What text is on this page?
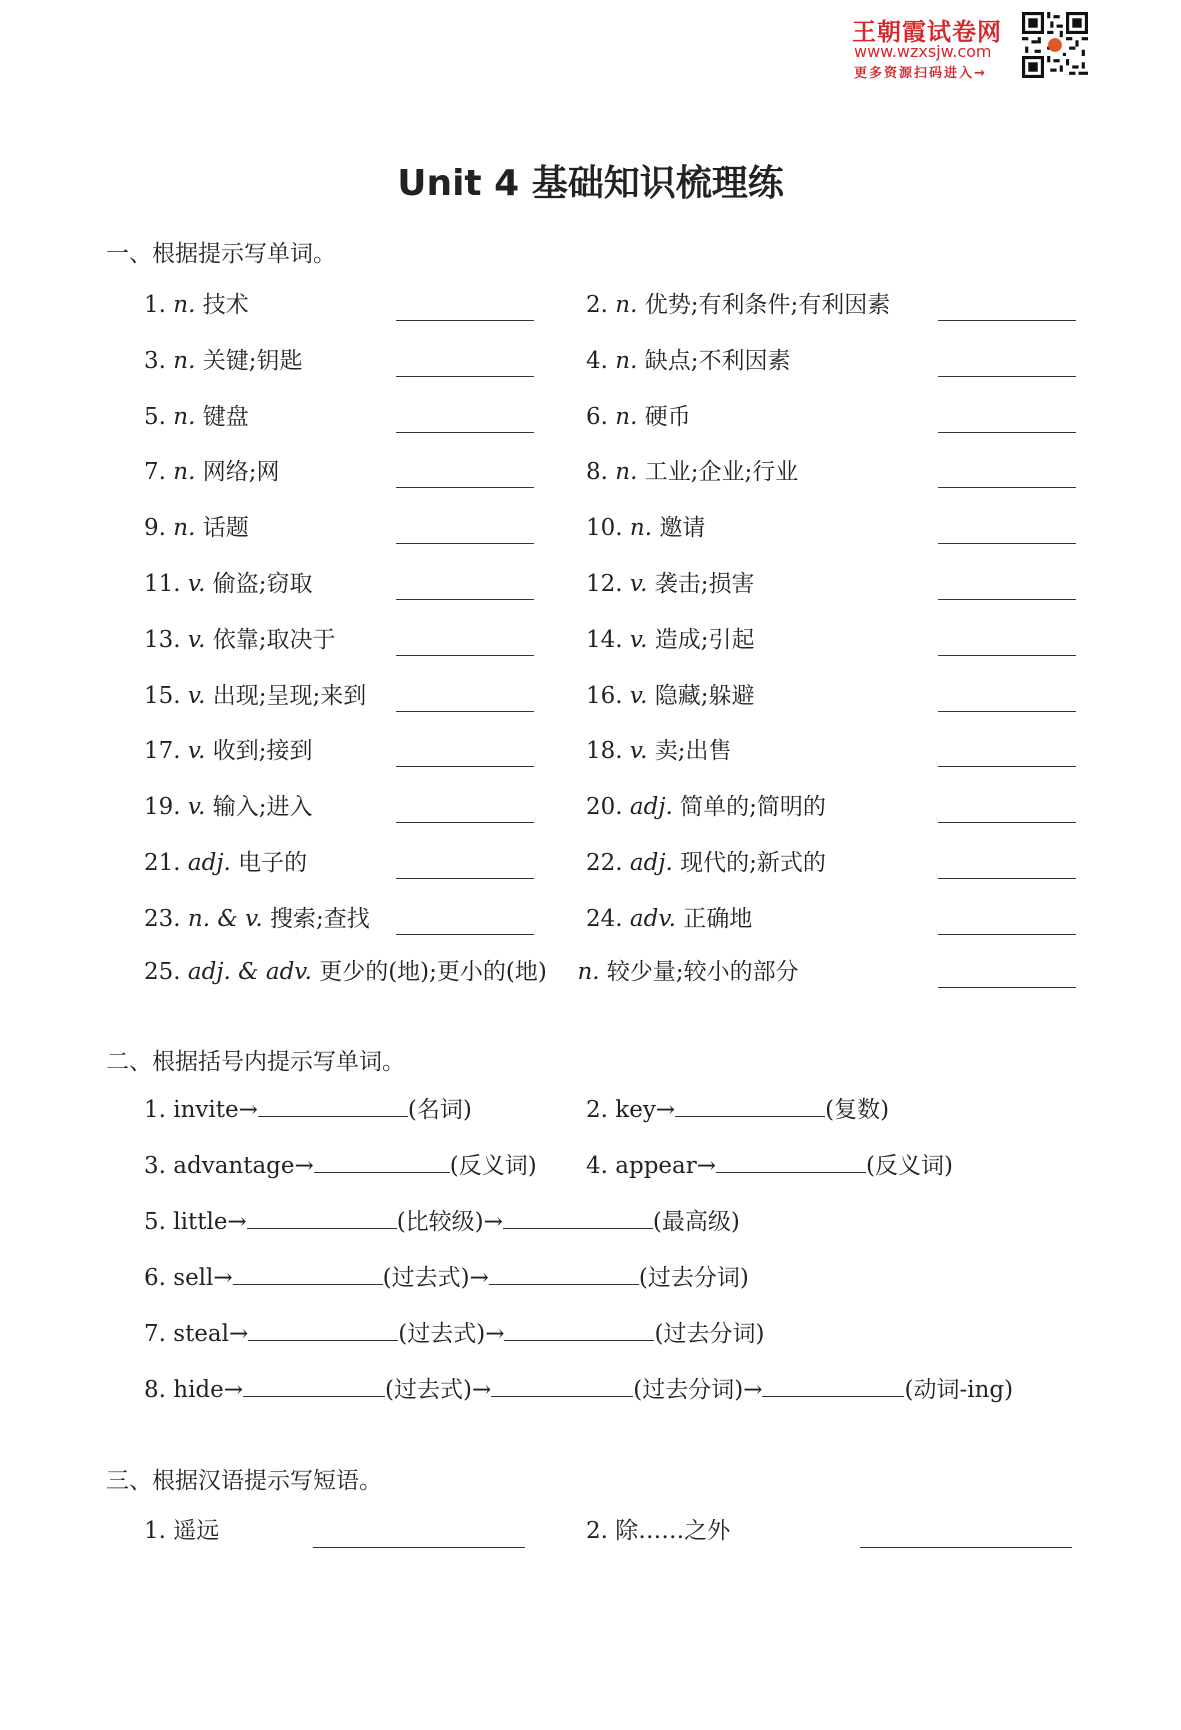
王朝霞试卷网
www.wzxsjw.com
更多资源扫码进入→
Unit 4 基础知识梳理练
一、根据提示写单词。
1. n. 技术	2. n. 优势;有利条件;有利因素
3. n. 关键;钥匙	4. n. 缺点;不利因素
5. n. 键盘	6. n. 硬币
7. n. 网络;网	8. n. 工业;企业;行业
9. n. 话题	10. n. 邀请
11. v. 偷盗;窃取	12. v. 袭击;损害
13. v. 依靠;取决于	14. v. 造成;引起
15. v. 出现;呈现;来到	16. v. 隐藏;躲避
17. v. 收到;接到	18. v. 卖;出售
19. v. 输入;进入	20. adj. 简单的;简明的
21. adj. 电子的	22. adj. 现代的;新式的
23. n. & v. 搜索;查找	24. adv. 正确地
25. adj. & adv. 更少的(地);更小的(地) n. 较少量;较小的部分
二、根据括号内提示写单词。
1. invite→	(名词)	2. key→	(复数)
3. advantage→	(反义词) 4. appear→	(反义词)
5. little→	(比较级)→	(最高级)
6. sell→	(过去式)→	(过去分词)
7. steal→	(过去式)→	(过去分词)
8. hide→	(过去式)→	(过去分词)→	(动词-ing)
三、根据汉语提示写短语。
1. 遥远	2. 除……之外
